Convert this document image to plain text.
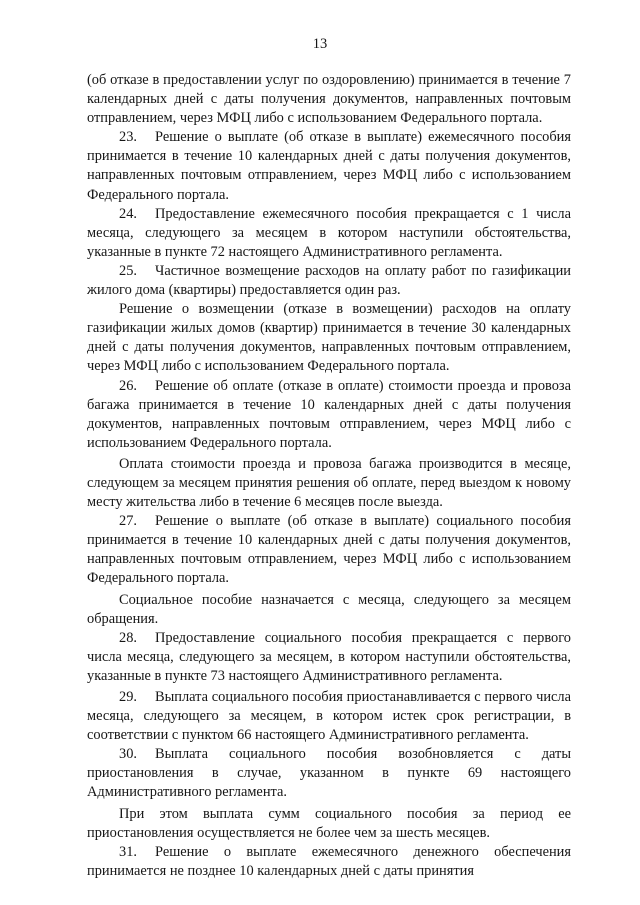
13

(об отказе в предоставлении услуг по оздоровлению) принимается в течение 7 календарных дней с даты получения документов, направленных почтовым отправлением, через МФЦ либо с использованием Федерального портала.

23. Решение о выплате (об отказе в выплате) ежемесячного пособия принимается в течение 10 календарных дней с даты получения документов, направленных почтовым отправлением, через МФЦ либо с использованием Федерального портала.

24. Предоставление ежемесячного пособия прекращается с 1 числа месяца, следующего за месяцем в котором наступили обстоятельства, указанные в пункте 72 настоящего Административного регламента.

25. Частичное возмещение расходов на оплату работ по газификации жилого дома (квартиры) предоставляется один раз.

Решение о возмещении (отказе в возмещении) расходов на оплату газификации жилых домов (квартир) принимается в течение 30 календарных дней с даты получения документов, направленных почтовым отправлением, через МФЦ либо с использованием Федерального портала.

26. Решение об оплате (отказе в оплате) стоимости проезда и провоза багажа принимается в течение 10 календарных дней с даты получения документов, направленных почтовым отправлением, через МФЦ либо с использованием Федерального портала.

Оплата стоимости проезда и провоза багажа производится в месяце, следующем за месяцем принятия решения об оплате, перед выездом к новому месту жительства либо в течение 6 месяцев после выезда.

27. Решение о выплате (об отказе в выплате) социального пособия принимается в течение 10 календарных дней с даты получения документов, направленных почтовым отправлением, через МФЦ либо с использованием Федерального портала.

Социальное пособие назначается с месяца, следующего за месяцем обращения.

28. Предоставление социального пособия прекращается с первого числа месяца, следующего за месяцем, в котором наступили обстоятельства, указанные в пункте 73 настоящего Административного регламента.

29. Выплата социального пособия приостанавливается с первого числа месяца, следующего за месяцем, в котором истек срок регистрации, в соответствии с пунктом 66 настоящего Административного регламента.

30. Выплата социального пособия возобновляется с даты приостановления в случае, указанном в пункте 69 настоящего Административного регламента.

При этом выплата сумм социального пособия за период ее приостановления осуществляется не более чем за шесть месяцев.

31. Решение о выплате ежемесячного денежного обеспечения принимается не позднее 10 календарных дней с даты принятия
